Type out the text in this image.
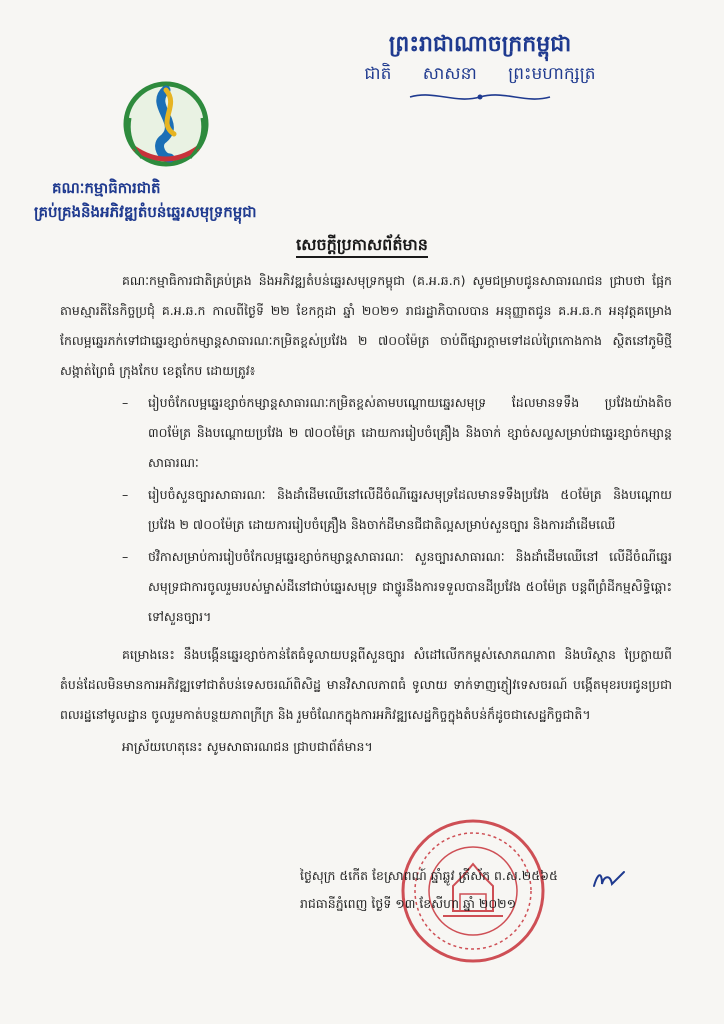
ព្រះរាជាណាចក្រកម្ពុជា
ជាតិ សាសនា ព្រះមហាក្សត្រ
គណៈកម្មាធិការជាតិ
គ្រប់គ្រងនិងអភិវឌ្ឍតំបន់ឆ្នេរសមុទ្រកម្ពុជា
សេចក្តីប្រកាសព័ត៌មាន

គណៈកម្មាធិការជាតិគ្រប់គ្រង និងអភិវឌ្ឍតំបន់ឆ្នេរសមុទ្រកម្ពុជា (គ.អ.ឆ.ក) សូមជម្រាបជូនសាធារណជន ជ្រាបថា ផ្អែកតាមស្មារតីនៃកិច្ចប្រជុំ គ.អ.ឆ.ក កាលពីថ្ងៃទី ២២ ខែកក្កដា ឆ្នាំ ២០២១ រាជរដ្ឋាភិបាលបាន អនុញ្ញាតជូន គ.អ.ឆ.ក អនុវត្តគម្រោងកែលម្អឆ្នេរភក់ទៅជាឆ្នេរខ្សាច់កម្សាន្តសាធារណៈកម្រិតខ្ពស់ប្រវែង ២ ៧០០ម៉ែត្រ ចាប់ពីផ្សារក្តាមទៅដល់ព្រៃកោងកាង ស្ថិតនៅភូមិថ្មី សង្កាត់ព្រៃធំ ក្រុងកែប ខេត្តកែប ដោយត្រូវ៖

–	រៀបចំកែលម្អឆ្នេរខ្សាច់កម្សាន្តសាធារណៈកម្រិតខ្ពស់តាមបណ្តោយឆ្នេរសមុទ្រ ដែលមានទទឹង ប្រវែងយ៉ាងតិច ៣០ម៉ែត្រ និងបណ្តោយប្រវែង ២ ៧០០ម៉ែត្រ ដោយការរៀបចំគ្រឿង និងចាក់ ខ្សាច់សល្លសម្រាប់ជាឆ្នេរខ្សាច់កម្សាន្តសាធារណៈ
–	រៀបចំសួនច្បារសាធារណៈ និងដាំដើមឈើនៅលើដីចំណីឆ្នេរសមុទ្រដែលមានទទឹងប្រវែង ៥០ម៉ែត្រ និងបណ្តោយប្រវែង ២ ៧០០ម៉ែត្រ ដោយការរៀបចំគ្រឿង និងចាក់ដីមានជីជាតិល្អសម្រាប់សួនច្បារ និងការដាំដើមឈើ
–	ថវិកាសម្រាប់ការរៀបចំកែលម្អឆ្នេរខ្សាច់កម្សាន្តសាធារណៈ សួនច្បារសាធារណៈ និងដាំដើមឈើនៅ លើដីចំណីឆ្នេរសមុទ្រជាការចូលរួមរបស់ម្ចាស់ដីនៅជាប់ឆ្នេរសមុទ្រ ជាថ្នូរនឹងការទទួលបានដីប្រវែង ៥០ម៉ែត្រ បន្តពីព្រំដីកម្មសិទ្ធិឆ្ពោះទៅសួនច្បារ។

គម្រោងនេះ នឹងបង្កើនឆ្នេរខ្សាច់កាន់តែធំទូលាយបន្តពីសួនច្បារ សំដៅលើកកម្ពស់សោភណភាព និងបរិស្ថាន ប្រែក្លាយពីតំបន់ដែលមិនមានការអភិវឌ្ឍទៅជាតំបន់ទេសចរណ៍ពិសិដ្ឋ មានវិសាលភាពធំ ទូលាយ ទាក់ទាញភ្ញៀវទេសចរណ៍ បង្កើតមុខរបរជូនប្រជាពលរដ្ឋនៅមូលដ្ឋាន ចូលរួមកាត់បន្ថយភាពក្រីក្រ និង រួមចំណែកក្នុងការអភិវឌ្ឍសេដ្ឋកិច្ចក្នុងតំបន់ក៏ដូចជាសេដ្ឋកិច្ចជាតិ។

អាស្រ័យហេតុនេះ សូមសាធារណជន ជ្រាបជាព័ត៌មាន។

ថ្ងៃសុក្រ ៥កើត ខែស្រាពណ៍ ឆ្នាំឆ្លូវ ត្រីស័ក ព.ស.២៥៦៥
រាជធានីភ្នំពេញ ថ្ងៃទី ១៣ ខែសីហា ឆ្នាំ ២០២១
